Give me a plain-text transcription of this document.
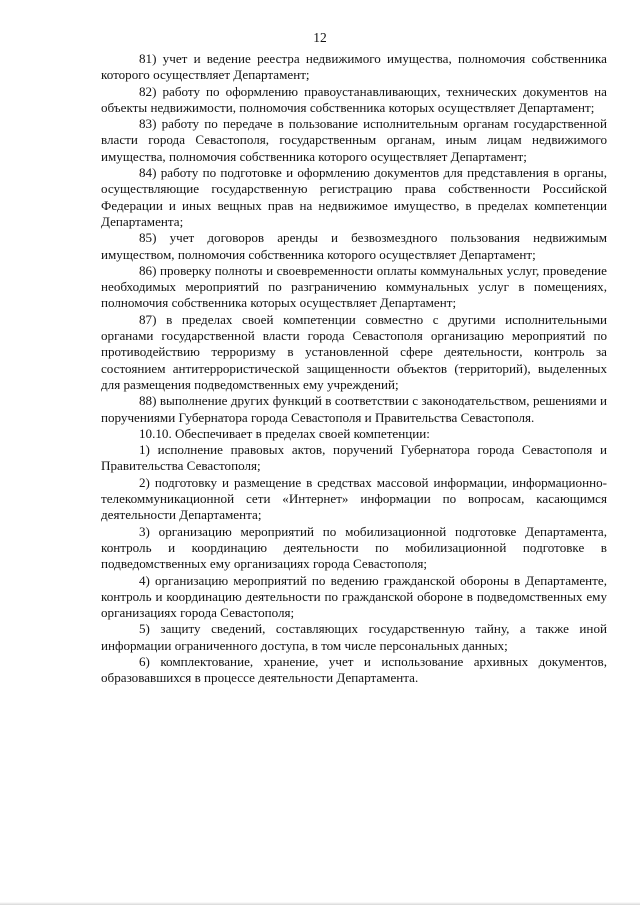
12

81) учет и ведение реестра недвижимого имущества, полномочия собственника которого осуществляет Департамент;

82) работу по оформлению правоустанавливающих, технических документов на объекты недвижимости, полномочия собственника которых осуществляет Департамент;

83) работу по передаче в пользование исполнительным органам государственной власти города Севастополя, государственным органам, иным лицам недвижимого имущества, полномочия собственника которого осуществляет Департамент;

84) работу по подготовке и оформлению документов для представления в органы, осуществляющие государственную регистрацию права собственности Российской Федерации и иных вещных прав на недвижимое имущество, в пределах компетенции Департамента;

85) учет договоров аренды и безвозмездного пользования недвижимым имуществом, полномочия собственника которого осуществляет Департамент;

86) проверку полноты и своевременности оплаты коммунальных услуг, проведение необходимых мероприятий по разграничению коммунальных услуг в помещениях, полномочия собственника которых осуществляет Департамент;

87) в пределах своей компетенции совместно с другими исполнительными органами государственной власти города Севастополя организацию мероприятий по противодействию терроризму в установленной сфере деятельности, контроль за состоянием антитеррористической защищенности объектов (территорий), выделенных для размещения подведомственных ему учреждений;

88) выполнение других функций в соответствии с законодательством, решениями и поручениями Губернатора города Севастополя и Правительства Севастополя.

10.10. Обеспечивает в пределах своей компетенции:

1) исполнение правовых актов, поручений Губернатора города Севастополя и Правительства Севастополя;

2) подготовку и размещение в средствах массовой информации, информационно-телекоммуникационной сети «Интернет» информации по вопросам, касающимся деятельности Департамента;

3) организацию мероприятий по мобилизационной подготовке Департамента, контроль и координацию деятельности по мобилизационной подготовке в подведомственных ему организациях города Севастополя;

4) организацию мероприятий по ведению гражданской обороны в Департаменте, контроль и координацию деятельности по гражданской обороне в подведомственных ему организациях города Севастополя;

5) защиту сведений, составляющих государственную тайну, а также иной информации ограниченного доступа, в том числе персональных данных;

6) комплектование, хранение, учет и использование архивных документов, образовавшихся в процессе деятельности Департамента.
